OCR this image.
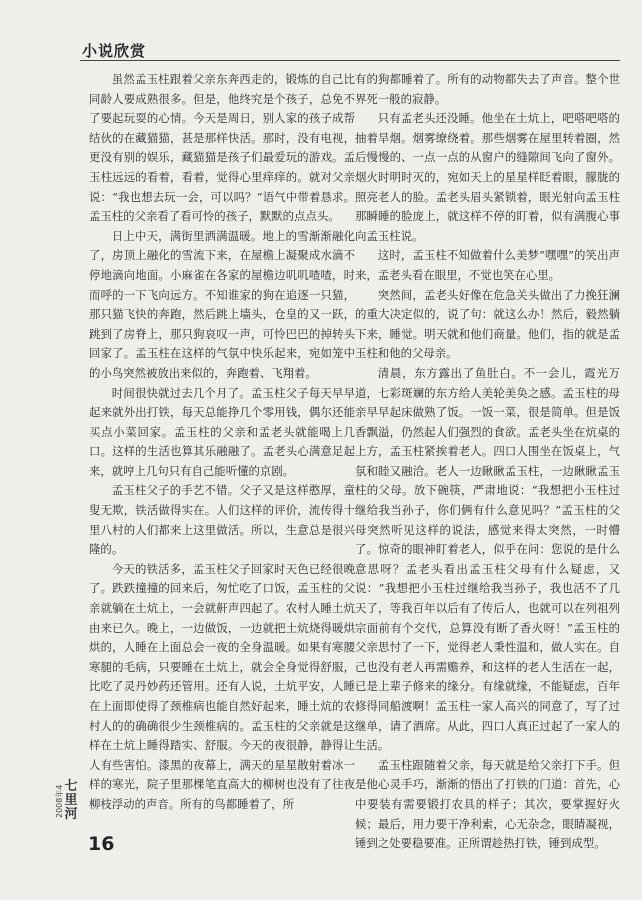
小说欣赏

虽然孟玉柱跟着父亲东奔西走的，锻炼的自己比同龄人要成熟很多。但是，他终究是个孩子，总免不了要起玩耍的心情。今天是周日，别人家的孩子成帮结伙的在藏猫猫，甚是那样快活。那时，没有电视，更没有别的娱乐，藏猫猫是孩子们最爱玩的游戏。孟玉柱远远的看着，看着，觉得心里痒痒的。就对父亲说：“我也想去玩一会，可以吗？”语气中带着恳求。孟玉柱的父亲看了看可怜的孩子，默默的点点头。

日上中天，满街里洒满温暖。地上的雪渐渐融化了，房顶上融化的雪流下来，在屋檐上凝聚成水滴不停地滴向地面。小麻雀在各家的屋檐边叽叽喳喳，时而呼的一下飞向远方。不知谁家的狗在追逐一只猫，那只猫飞快的奔跑，然后跳上墙头，仓皇的又一跃，跳到了房脊上，那只狗哀叹一声，可怜巴巴的掉转头回家了。孟玉柱在这样的气氛中快乐起来，宛如笼中的小鸟突然被放出来似的，奔跑着、飞翔着。

时间很快就过去几个月了。孟玉柱父子每天早早起来就外出打铁，每天总能挣几个零用钱，偶尔还能买点小菜回家。孟玉柱的父亲和孟老头就能喝上几口。这样的生活也算其乐融融了。孟老头心满意足起来，就哼上几句只有自己能听懂的京剧。

孟玉柱父子的手艺不错。父子又是这样憨厚，童叟无欺，铁活做得实在。人们这样的评价，流传得十里八村的人们都来上这里做活。所以，生意总是很兴隆的。

今天的铁活多，孟玉柱父子回家时天色已经很晚了。跌跌撞撞的回来后，匆忙吃了口饭，孟玉柱的父亲就躺在土炕上，一会就鼾声四起了。农村人睡土炕由来已久。晚上，一边做饭，一边就把土炕烧得暖烘烘的，人睡在上面总会一夜的全身温暖。如果有寒腰寒腿的毛病，只要睡在土炕上，就会全身觉得舒服，比吃了灵丹妙药还管用。还有人说，土炕平安，人睡在上面即使得了颈椎病也能自然好起来，睡土炕的农村人的的确确很少生颈椎病的。孟玉柱的父亲就是这样在土炕上睡得踏实、舒服。今天的夜很静，静得让人有些害怕。漆黑的夜幕上，满天的星星散射着冰一样的寒光，院子里那棵笔直高大的柳树也没有了往夜柳枝浮动的声音。所有的鸟都睡着了，所

有的狗都睡着了。所有的动物都失去了声音。整个世界死一般的寂静。

只有孟老头还没睡。他坐在土炕上，吧嗒吧嗒的抽着旱烟。烟雾缭绕着。那些烟雾在屋里转着圈，然后慢慢的、一点一点的从窗户的缝隙间飞向了窗外。烟火时明时灭的，宛如天上的星星样眨着眼，朦胧的照亮老人的脸。孟老头眉头紧锁着，眼光射向孟玉柱那瞬睡的脸庞上，就这样不停的盯着，似有满腹心事向孟玉柱说。

这时，孟玉柱不知做着什么美梦“嘿嘿”的笑出声来，孟老头看在眼里，不觉也笑在心里。

突然间，孟老头好像在危急关头做出了力挽狂澜的重大决定似的，说了句：就这么办！然后，毅然躺下来，睡觉。明天就和他们商量。他们，指的就是孟玉柱和他的父母亲。

清晨，东方露出了鱼肚白。不一会儿，霞光万道，七彩斑斓的东方给人美轮美奂之感。孟玉柱的母亲早早起床做熟了饭。一饭一菜，很是简单。但是饭香飘溢，仍然起人们强烈的食欲。孟老头坐在炕桌的上方，孟玉柱紧挨着老人。四口人围坐在饭桌上，气氛和睦又融洽。老人一边瞅瞅孟玉柱，一边瞅瞅孟玉柱的父母。放下碗筷，严肃地说：“我想把小玉柱过继给我当孙子，你们俩有什么意见吗？”孟玉柱的父母突然听见这样的说法，感觉来得太突然，一时懵了。惊奇的眼神盯着老人，似乎在问：您说的是什么意思呀？孟老头看出孟玉柱父母有什么疑虑，又说：“我想把小玉柱过继给我当孙子，我也活不了几天了，等我百年以后有了传后人，也就可以在列祖列宗面前有个交代，总算没有断了香火呀！”孟玉柱的父亲思忖了一下，觉得老人秉性温和，做人实在。自己也没有老人再需赡养，和这样的老人生活在一起，已是上辈子修来的缘分。有缘就缘，不能疑虑，百年修得同船渡啊！孟玉柱一家人高兴的同意了，写了过继单，请了酒席。从此，四口人真正过起了一家人的生活。

孟玉柱跟随着父亲，每天就是给父亲打下手。但是他心灵手巧，渐渐的悟出了打铁的门道：首先，心中要装有需要锻打农具的样子；其次，要掌握好火候；最后，用力要干净利索，心无杂念，眼睛凝视，锤到之处要稳要准。正所谓趁热打铁，锤到成型。

七里河
2008年4
16
